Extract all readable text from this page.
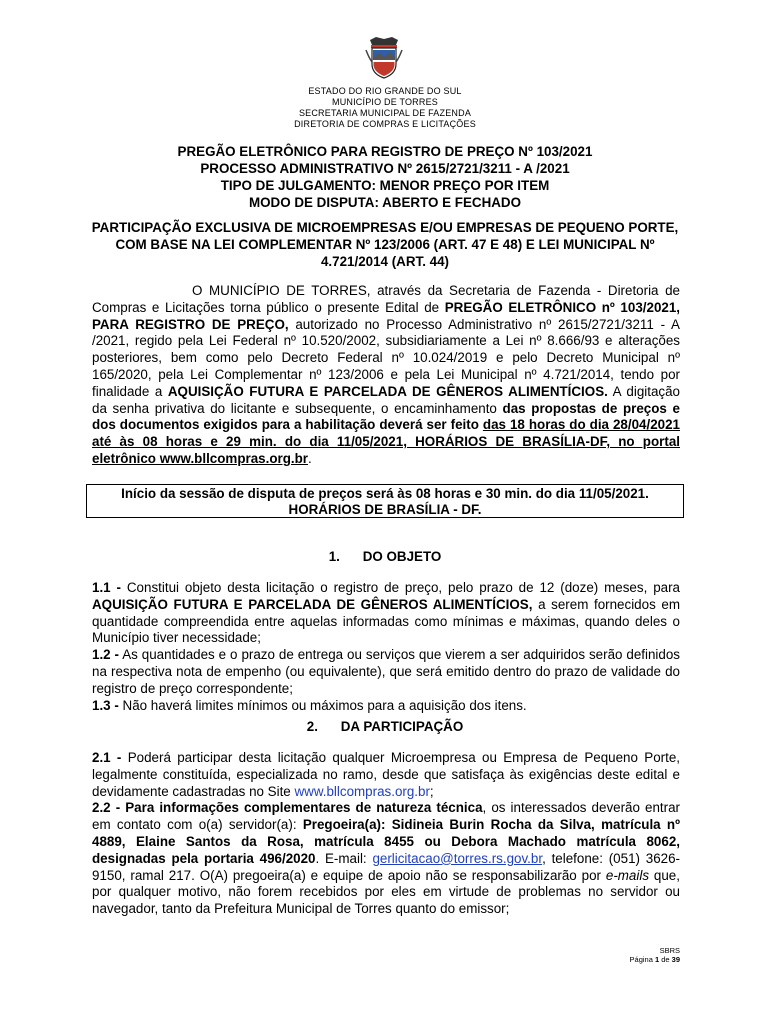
ESTADO DO RIO GRANDE DO SUL
MUNICÍPIO DE TORRES
SECRETARIA MUNICIPAL DE FAZENDA
DIRETORIA DE COMPRAS E LICITAÇÕES
PREGÃO ELETRÔNICO PARA REGISTRO DE PREÇO Nº 103/2021
PROCESSO ADMINISTRATIVO Nº 2615/2721/3211 - A /2021
TIPO DE JULGAMENTO: MENOR PREÇO POR ITEM
MODO DE DISPUTA: ABERTO E FECHADO
PARTICIPAÇÃO EXCLUSIVA DE MICROEMPRESAS E/OU EMPRESAS DE PEQUENO PORTE, COM BASE NA LEI COMPLEMENTAR Nº 123/2006 (ART. 47 E 48) E LEI MUNICIPAL Nº 4.721/2014 (ART. 44)

O MUNICÍPIO DE TORRES, através da Secretaria de Fazenda - Diretoria de Compras e Licitações torna público o presente Edital de PREGÃO ELETRÔNICO nº 103/2021, PARA REGISTRO DE PREÇO, autorizado no Processo Administrativo nº 2615/2721/3211 - A /2021, regido pela Lei Federal nº 10.520/2002, subsidiariamente a Lei nº 8.666/93 e alterações posteriores, bem como pelo Decreto Federal nº 10.024/2019 e pelo Decreto Municipal nº 165/2020, pela Lei Complementar nº 123/2006 e pela Lei Municipal nº 4.721/2014, tendo por finalidade a AQUISIÇÃO FUTURA E PARCELADA DE GÊNEROS ALIMENTÍCIOS. A digitação da senha privativa do licitante e subsequente, o encaminhamento das propostas de preços e dos documentos exigidos para a habilitação deverá ser feito das 18 horas do dia 28/04/2021 até às 08 horas e 29 min. do dia 11/05/2021, HORÁRIOS DE BRASÍLIA-DF, no portal eletrônico www.bllcompras.org.br.

Início da sessão de disputa de preços será às 08 horas e 30 min. do dia 11/05/2021.
HORÁRIOS DE BRASÍLIA - DF.
1. DO OBJETO

1.1 - Constitui objeto desta licitação o registro de preço, pelo prazo de 12 (doze) meses, para AQUISIÇÃO FUTURA E PARCELADA DE GÊNEROS ALIMENTÍCIOS, a serem fornecidos em quantidade compreendida entre aquelas informadas como mínimas e máximas, quando deles o Município tiver necessidade;

1.2 - As quantidades e o prazo de entrega ou serviços que vierem a ser adquiridos serão definidos na respectiva nota de empenho (ou equivalente), que será emitido dentro do prazo de validade do registro de preço correspondente;

1.3 - Não haverá limites mínimos ou máximos para a aquisição dos itens.

2. DA PARTICIPAÇÃO

2.1 - Poderá participar desta licitação qualquer Microempresa ou Empresa de Pequeno Porte, legalmente constituída, especializada no ramo, desde que satisfaça às exigências deste edital e devidamente cadastradas no Site www.bllcompras.org.br;

2.2 - Para informações complementares de natureza técnica, os interessados deverão entrar em contato com o(a) servidor(a): Pregoeira(a): Sidineia Burin Rocha da Silva, matrícula nº 4889, Elaine Santos da Rosa, matrícula 8455 ou Debora Machado matrícula 8062, designadas pela portaria 496/2020. E-mail: gerlicitacao@torres.rs.gov.br, telefone: (051) 3626-9150, ramal 217. O(A) pregoeira(a) e equipe de apoio não se responsabilizarão por e-mails que, por qualquer motivo, não forem recebidos por eles em virtude de problemas no servidor ou navegador, tanto da Prefeitura Municipal de Torres quanto do emissor;

SBRS
Página 1 de 39
